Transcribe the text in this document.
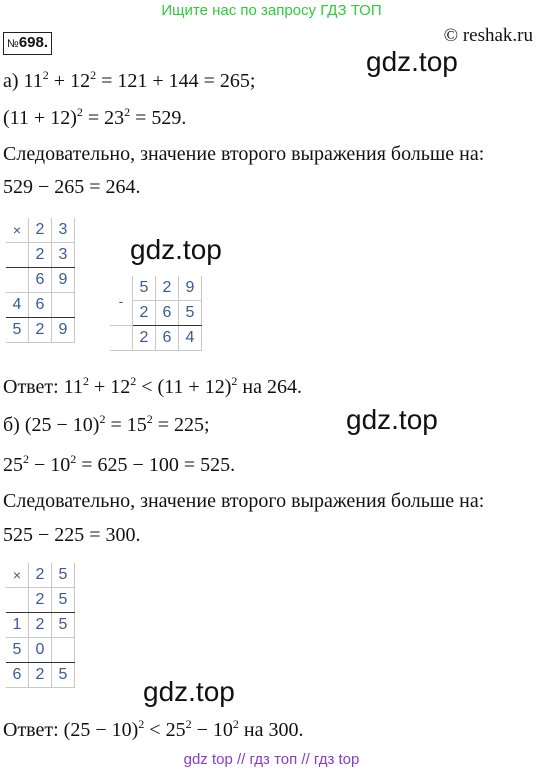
Ищите нас по запросу ГДЗ ТОП
№698.	© reshak.ru
gdz.top
а) $11^2 + 12^2 = 121 + 144 = 265$;
$(11 + 12)^2 = 23^2 = 529$.
Следовательно, значение второго выражения больше на:
529 − 265 = 264.
×	2	3
	2	3
	6	9
4	6	
5	2	9
gdz.top
-	5	2	9
	2	6	5
	2	6	4
Ответ: $11^2 + 12^2 < (11 + 12)^2$ на 264.
б) $(25 - 10)^2 = 15^2 = 225$;	gdz.top
$25^2 - 10^2 = 625 - 100 = 525$.
Следовательно, значение второго выражения больше на:
525 − 225 = 300.
×	2	5
	2	5
1	2	5
5	0	
6	2	5
gdz.top
Ответ: $(25 - 10)^2 < 25^2 - 10^2$ на 300.
gdz top // гдз топ // гдз top
